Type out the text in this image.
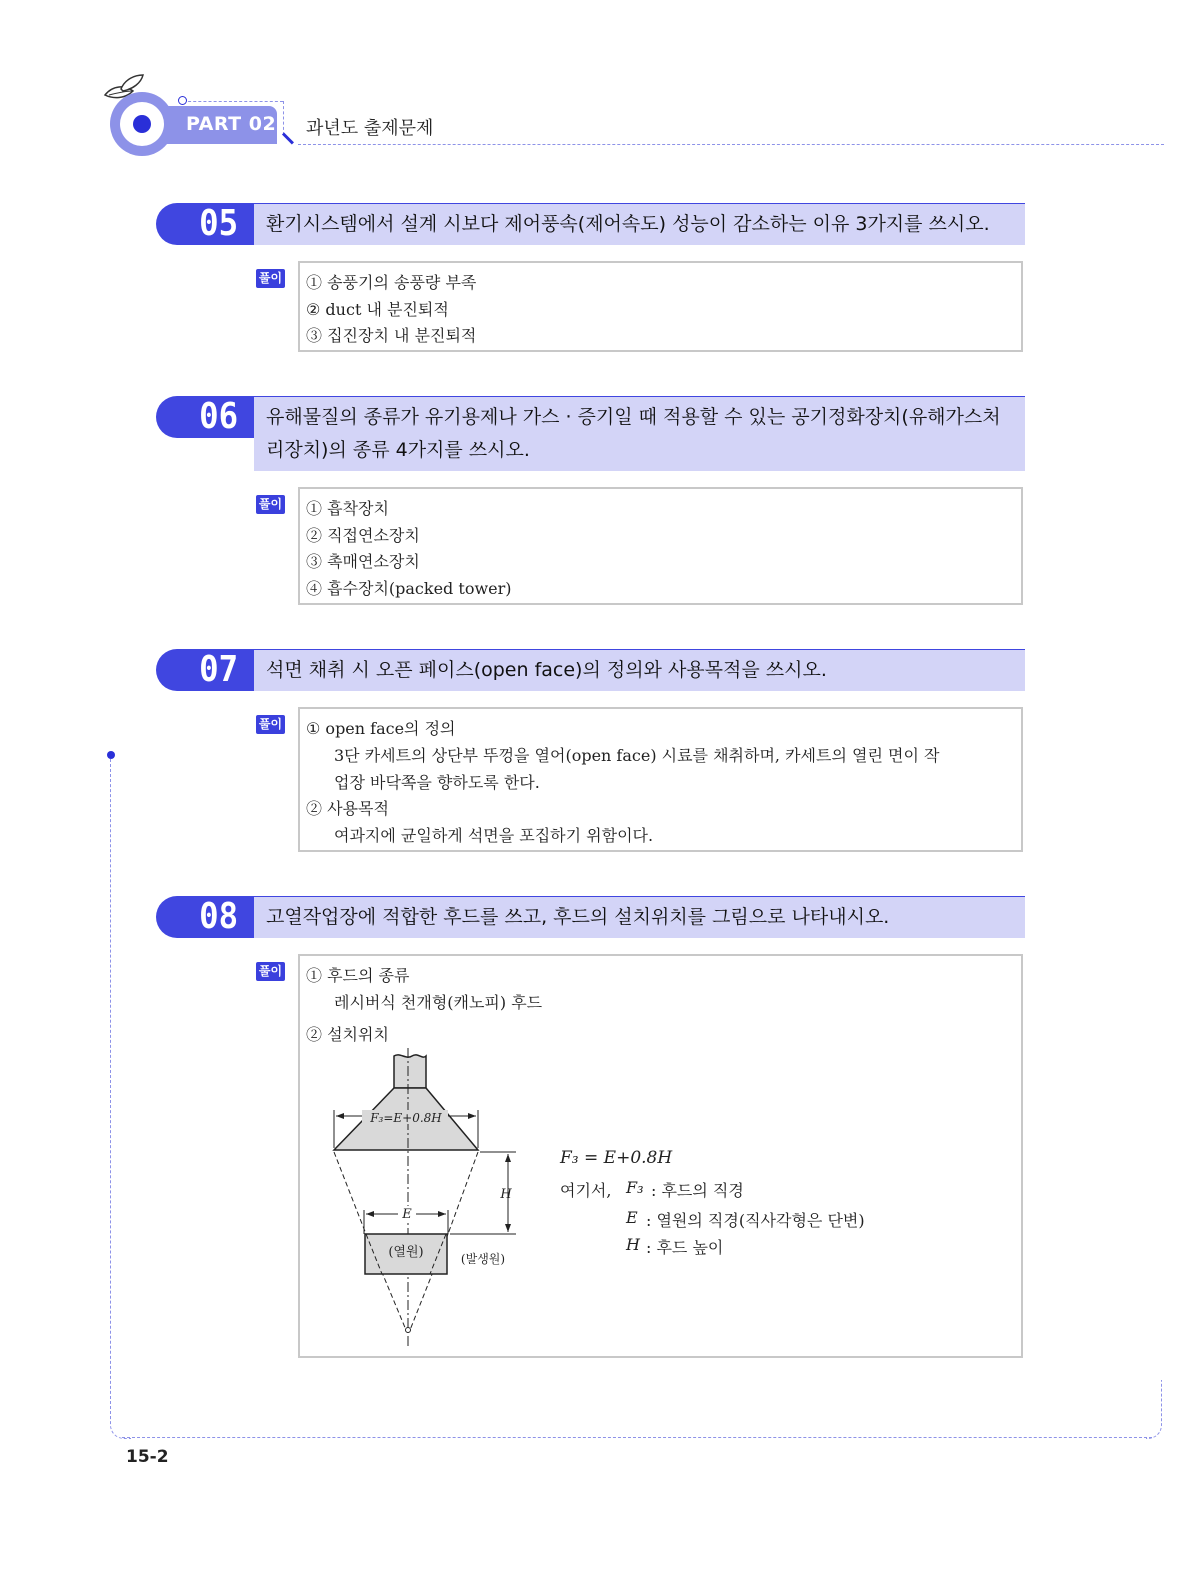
PART 02 과년도 출제문제
15-2
05	환기시스템에서 설계 시보다 제어풍속(제어속도) 성능이 감소하는 이유 3가지를 쓰시오.
풀이 ① 송풍기의 송풍량 부족
② duct 내 분진퇴적
③ 집진장치 내 분진퇴적
06	유해물질의 종류가 유기용제나 가스 · 증기일 때 적용할 수 있는 공기정화장치(유해가스처
리장치)의 종류 4가지를 쓰시오.
풀이 ① 흡착장치
② 직접연소장치
③ 촉매연소장치
④ 흡수장치(packed tower)
07	석면 채취 시 오픈 페이스(open face)의 정의와 사용목적을 쓰시오.
풀이 ① open face의 정의
3단 카세트의 상단부 뚜껑을 열어(open face) 시료를 채취하며, 카세트의 열린 면이 작
업장 바닥쪽을 향하도록 한다.
② 사용목적
여과지에 균일하게 석면을 포집하기 위함이다.
08	고열작업장에 적합한 후드를 쓰고, 후드의 설치위치를 그림으로 나타내시오.
풀이 ① 후드의 종류
레시버식 천개형(캐노피) 후드
② 설치위치
F₃=E+0.8H
H
E
(열원)	(발생원)
F₃ = E+0.8H
여기서, F₃ : 후드의 직경
E : 열원의 직경(직사각형은 단변)
H : 후드 높이
